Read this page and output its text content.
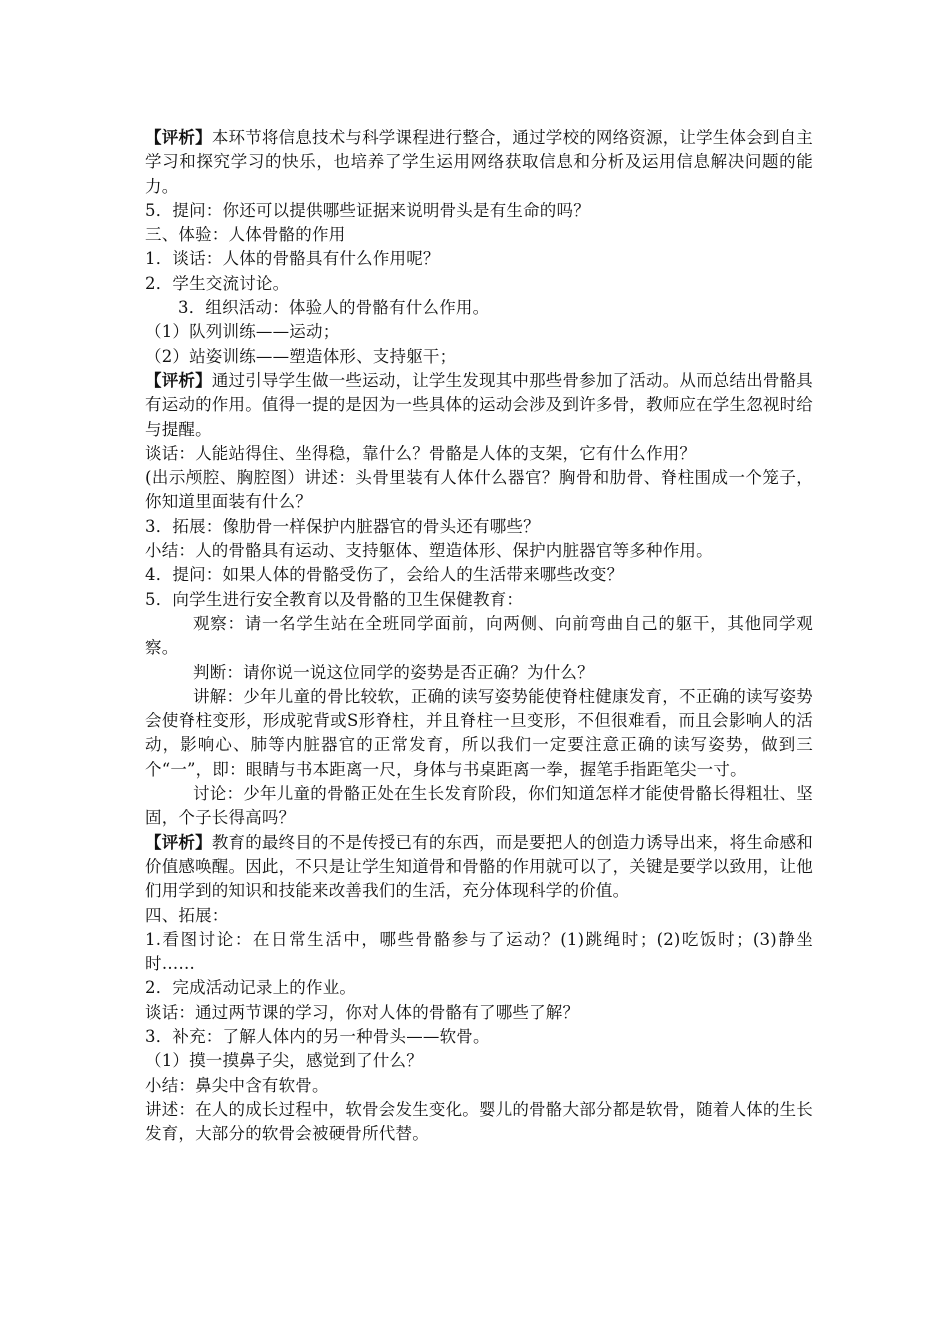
【评析】本环节将信息技术与科学课程进行整合，通过学校的网络资源，让学生体会到自主学习和探究学习的快乐，也培养了学生运用网络获取信息和分析及运用信息解决问题的能力。

5．提问：你还可以提供哪些证据来说明骨头是有生命的吗？

三、体验：人体骨骼的作用

1．谈话：人体的骨骼具有什么作用呢？

2．学生交流讨论。

3．组织活动：体验人的骨骼有什么作用。

（1）队列训练——运动；

（2）站姿训练——塑造体形、支持躯干；

【评析】通过引导学生做一些运动，让学生发现其中那些骨参加了活动。从而总结出骨骼具有运动的作用。值得一提的是因为一些具体的运动会涉及到许多骨，教师应在学生忽视时给与提醒。

谈话：人能站得住、坐得稳，靠什么？骨骼是人体的支架，它有什么作用？

(出示颅腔、胸腔图）讲述：头骨里装有人体什么器官？胸骨和肋骨、脊柱围成一个笼子，你知道里面装有什么？

3．拓展：像肋骨一样保护内脏器官的骨头还有哪些？

小结：人的骨骼具有运动、支持躯体、塑造体形、保护内脏器官等多种作用。

4．提问：如果人体的骨骼受伤了，会给人的生活带来哪些改变？

5．向学生进行安全教育以及骨骼的卫生保健教育：

观察：请一名学生站在全班同学面前，向两侧、向前弯曲自己的躯干，其他同学观察。

判断：请你说一说这位同学的姿势是否正确？为什么？

讲解：少年儿童的骨比较软，正确的读写姿势能使脊柱健康发育，不正确的读写姿势会使脊柱变形，形成驼背或S形脊柱，并且脊柱一旦变形，不但很难看，而且会影响人的活动，影响心、肺等内脏器官的正常发育，所以我们一定要注意正确的读写姿势，做到三个“一”，即：眼睛与书本距离一尺，身体与书桌距离一拳，握笔手指距笔尖一寸。

讨论：少年儿童的骨骼正处在生长发育阶段，你们知道怎样才能使骨骼长得粗壮、坚固，个子长得高吗？

【评析】教育的最终目的不是传授已有的东西，而是要把人的创造力诱导出来，将生命感和价值感唤醒。因此，不只是让学生知道骨和骨骼的作用就可以了，关键是要学以致用，让他们用学到的知识和技能来改善我们的生活，充分体现科学的价值。

四、拓展：

1.看图讨论：在日常生活中，哪些骨骼参与了运动？(1)跳绳时；(2)吃饭时；(3)静坐时……

2．完成活动记录上的作业。

谈话：通过两节课的学习，你对人体的骨骼有了哪些了解？

3．补充：了解人体内的另一种骨头——软骨。

（1）摸一摸鼻子尖，感觉到了什么？

小结：鼻尖中含有软骨。

讲述：在人的成长过程中，软骨会发生变化。婴儿的骨骼大部分都是软骨，随着人体的生长发育，大部分的软骨会被硬骨所代替。
